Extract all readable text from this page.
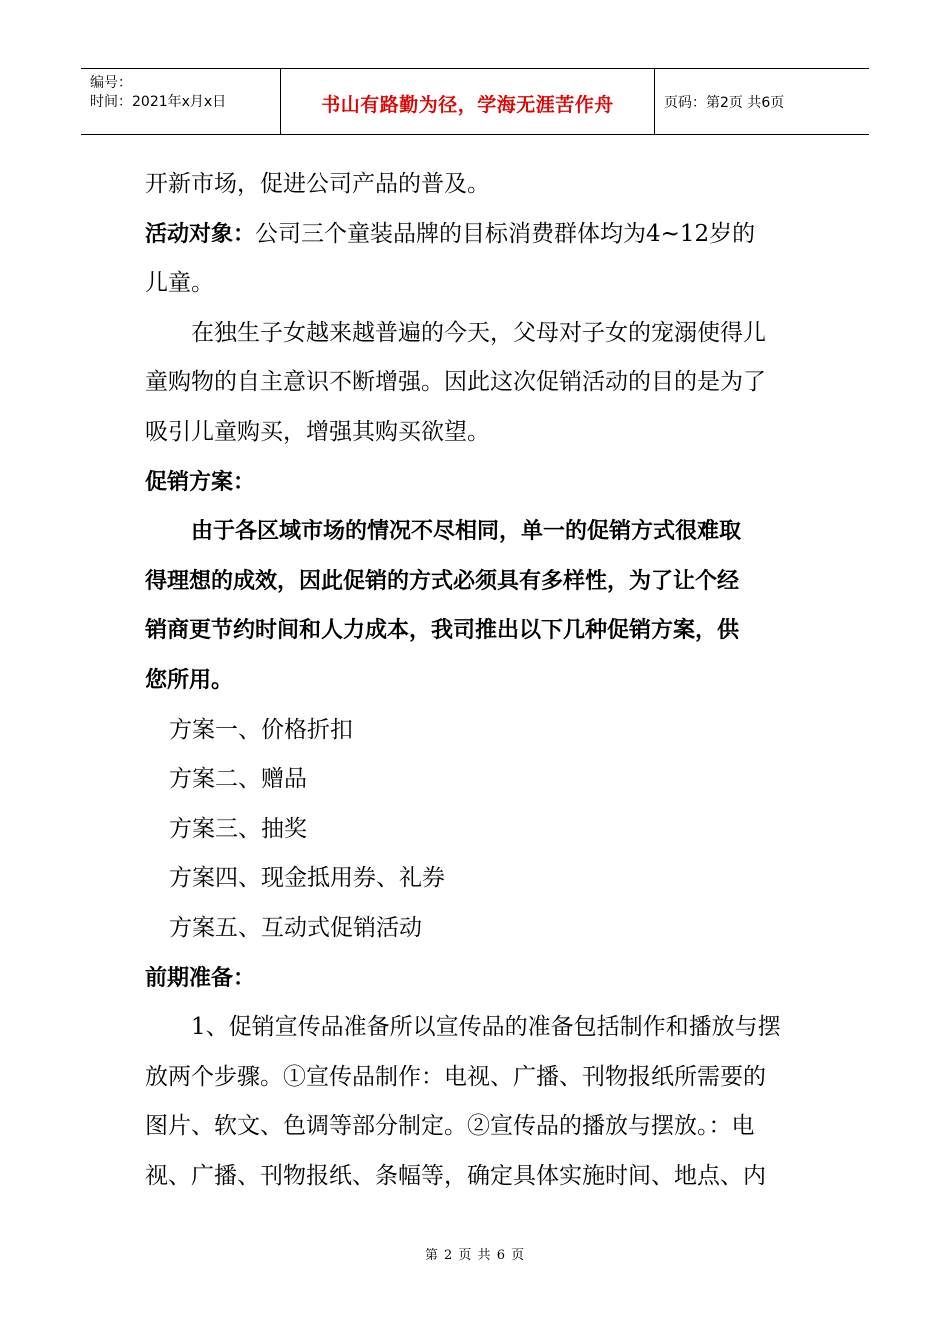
编号：
时间：2021年x月x日	书山有路勤为径，学海无涯苦作舟	页码：第2页 共6页
开新市场，促进公司产品的普及。
活动对象：公司三个童装品牌的目标消费群体均为4~12岁的
儿童。
在独生子女越来越普遍的今天，父母对子女的宠溺使得儿
童购物的自主意识不断增强。因此这次促销活动的目的是为了
吸引儿童购买，增强其购买欲望。
促销方案：
由于各区域市场的情况不尽相同，单一的促销方式很难取
得理想的成效，因此促销的方式必须具有多样性，为了让个经
销商更节约时间和人力成本，我司推出以下几种促销方案，供
您所用。
方案一、价格折扣
方案二、赠品
方案三、抽奖
方案四、现金抵用券、礼券
方案五、互动式促销活动
前期准备：
1、促销宣传品准备所以宣传品的准备包括制作和播放与摆
放两个步骤。①宣传品制作：电视、广播、刊物报纸所需要的
图片、软文、色调等部分制定。②宣传品的播放与摆放。：电
视、广播、刊物报纸、条幅等，确定具体实施时间、地点、内
第 2 页 共 6 页
